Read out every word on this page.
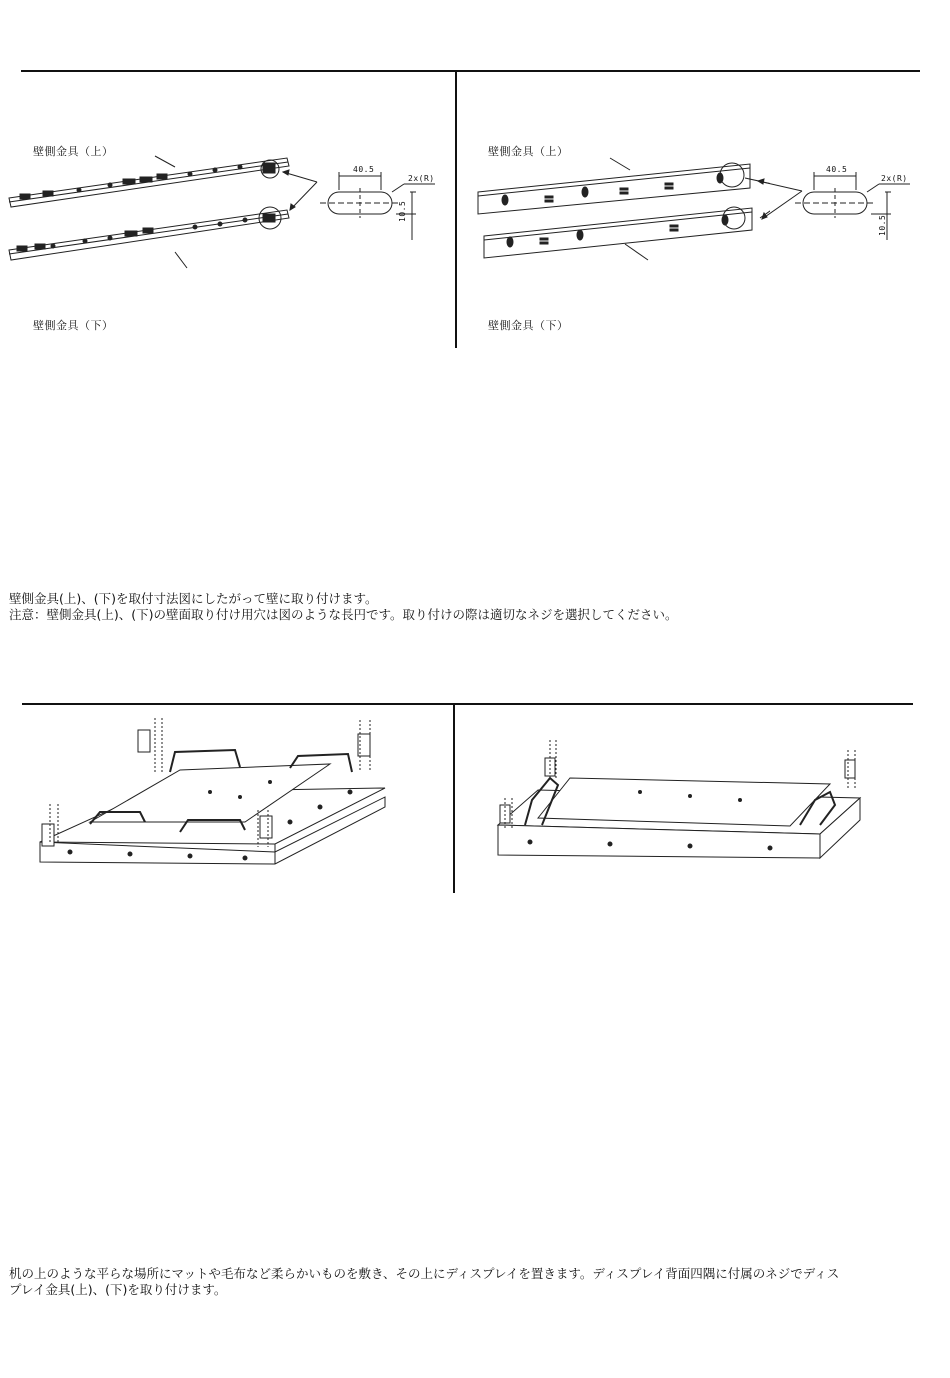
壁側金具（上）
壁側金具（下）
40.5
2x(R)
10.5
壁側金具（上）
壁側金具（下）
40.5
2x(R)
10.5
壁側金具(上)、(下)を取付寸法図にしたがって壁に取り付けます。
注意：壁側金具(上)、(下)の壁面取り付け用穴は図のような長円です。取り付けの際は適切なネジを選択してください。
机の上のような平らな場所にマットや毛布など柔らかいものを敷き、その上にディスプレイを置きます。ディスプレイ背面四隅に付属のネジでディス
プレイ金具(上)、(下)を取り付けます。
